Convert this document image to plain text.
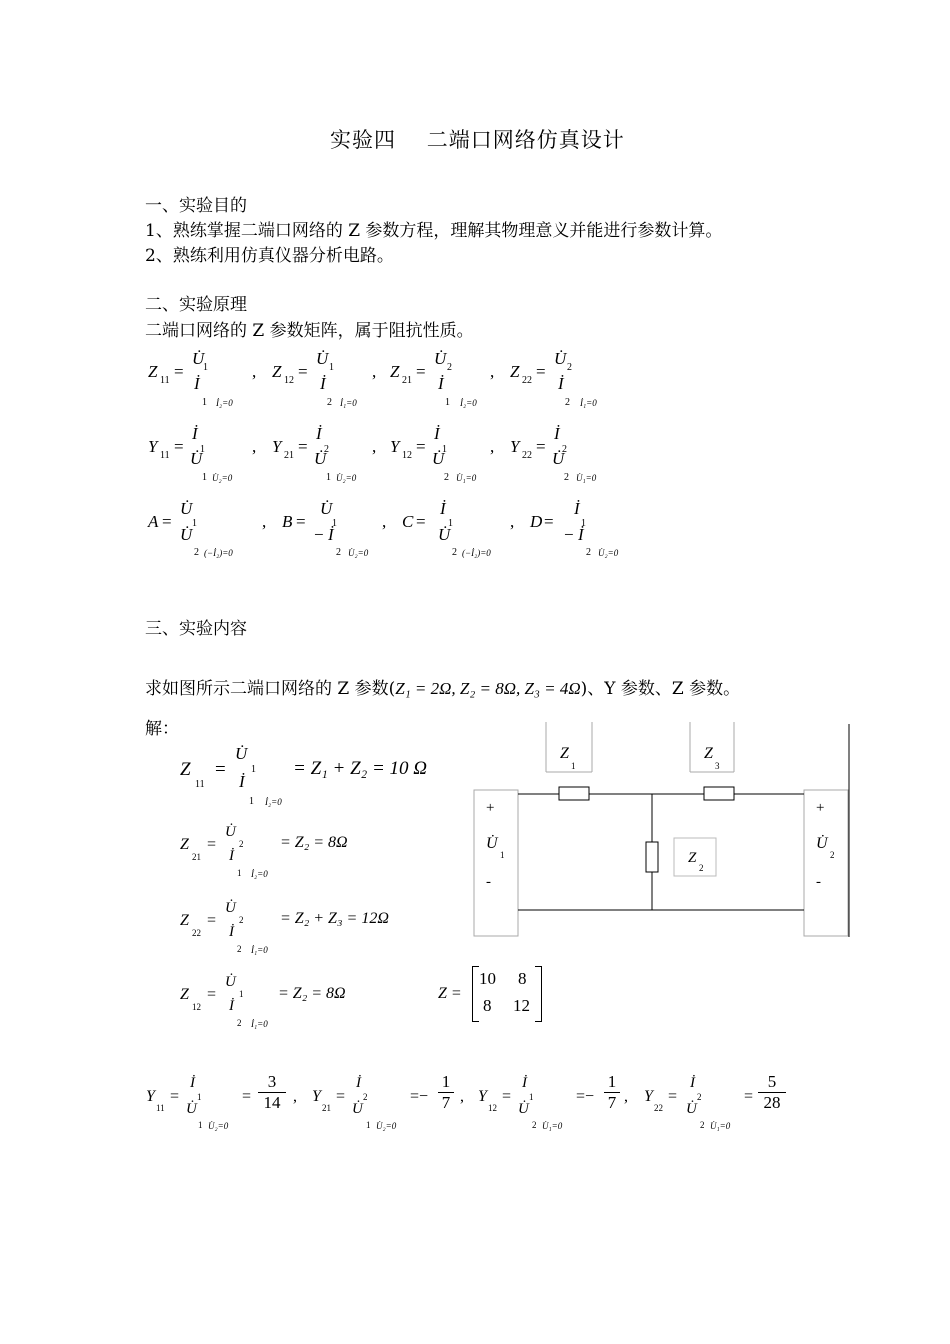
实验四    二端口网络仿真设计
一、实验目的
1、熟练掌握二端口网络的 Z 参数方程，理解其物理意义并能进行参数计算。
2、熟练利用仿真仪器分析电路。
二、实验原理
二端口网络的 Z 参数矩阵，属于阻抗性质。
Z 11 =
U̇
1
İ
1 İ₂=0
, Z 12 =
U̇ 1
İ
2 İ₁=0
, Z 21 =
U̇ 2
İ
1 İ₂=0
, Z 22 =
U̇ 2
İ
2 İ₁=0
Y 11 =
İ
1
U̇
1 U̇₂=0
, Y 21 =
İ
2
U̇
1 U̇₂=0
, Y 12 =
İ
1
U̇
2 U̇₁=0
, Y 22 =
İ
2
U̇
2 U̇₁=0
A =
U̇
1
U̇
2 (−İ₂)=0
, B =
U̇
1
− İ
2 U̇₂=0
, C =
İ
1
U̇
2 (−İ₂)=0
, D =
İ
1
− İ
2 U̇₂=0
三、实验内容
求如图所示二端口网络的 Z 参数(Z₁ = 2Ω, Z₂ = 8Ω, Z₃ = 4Ω)、Y 参数、Z 参数。
解：
Z
11
=
U̇
1
İ
1 İ₂=0
Z
21
=
U̇
2
İ
1 İ₂=0
Z
22
=
U̇
2
İ
2 İ₁=0
Z
12
=
U̇
1
İ
2 İ₁=0
= Z₁ + Z₂ = 10 Ω
= Z₂ = 8Ω
= Z₂ + Z₃ = 12Ω
= Z₂ = 8Ω	Z =
10 8
8 12
Y
11
=
İ
1
U̇
1 U̇₂=0
=	, Y
21
=
İ
2
U̇
1 U̇₂=0
=− , Y
12
=
İ
1
U̇
2 U̇₁=0
=− , Y
22
=
İ
2
U̇
2 U̇₁=0
=
$\frac{3}{14}$	$\frac{1}{7}$	$\frac{1}{7}$	$\frac{5}{28}$
Z
1
Z
3
Z
2
+
U̇
1
-
+
U̇
2
-
